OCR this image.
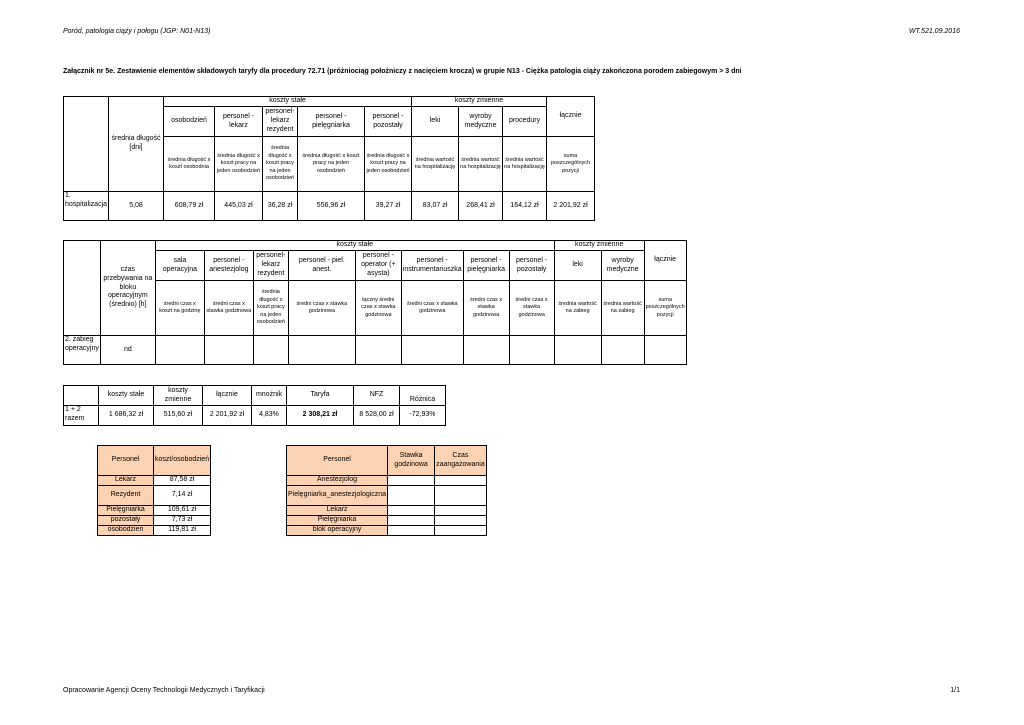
Poród, patologia ciąży i połogu (JGP: N01-N13)	WT.521.09.2016
Załącznik nr 5e. Zestawienie elementów składowych taryfy dla procedury 72.71 (próżniociąg położniczy z nacięciem krocza) w grupie N13 - Ciężka patologia ciąży zakończona porodem zabiegowym > 3 dni
	średnia długość [dni]	koszty stałe					koszty zmienne			łącznie
		osobodzień	personel - lekarz	personel- lekarz rezydent	personel - pielęgniarka	personel - pozostały	leki	wyroby medyczne	procedury	
		średnia długość x koszt osobodnia	średnia długość x koszt pracy na jeden osobodzień	średnia długość x koszt pracy na jeden osobodzień	średnia długość x koszt pracy na jeden osobodzień	średnia długość x koszt pracy na jeden osobodzień	średnia wartość na hospitalizację	średnia wartość na hospitalizację	średnia wartość na hospitalizację	suma poszczególnych pozycji
1. hospitalizacja	5,08	608,79 zł	445,03 zł	36,28 zł	556,96 zł	39,27 zł	83,07 zł	268,41 zł	164,12 zł	2 201,92 zł
	czas przebywania na bloku operacyjnym (średnio) [h]	koszty stałe								koszty zmienne		łącznie
		sala operacyjna	personel - anestezjolog	personel- lekarz rezydent	personel - piel. anest.	personel - operator (+ asysta)	personel - instrumentariuszka	personel - pielęgniarka	personel - pozostały	leki	wyroby medyczne	
		średni czas x koszt na godzinę	średni czas x stawka godzinowa	średnia długość x koszt pracy na jeden osobodzień	średni czas x stawka godzinowa	łączny średni czas x stawka godzinowa	średni czas x stawka godzinowa	średni czas x stawka godzinowa	średni czas x stawka godzinowa	średnia wartość na zabieg	średnia wartość na zabieg	suma poszczególnych pozycji
2. zabieg operacyjny	nd											
	koszty stałe	koszty zmienne	łącznie	mnożnik	Taryfa	NFZ	Różnica
1 + 2 razem	1 686,32 zł	515,60 zł	2 201,92 zł	4,83%	2 308,21 zł	8 528,00 zł	-72,93%
Personel	koszt/osobodzień
Lekarz	87,58 zł
Rezydent	7,14 zł
Pielęgniarka	109,61 zł
pozostały	7,73 zł
osobodzień	119,81 zł
Personel	Stawka godzinowa	Czas zaangażowania
Anestezjolog		
Pielęgniarka_anestezjologiczna		
Lekarz		
Pielęgniarka		
blok operacyjny		
Opracowanie Agencji Oceny Technologii Medycznych i Taryfikacji	1/1
